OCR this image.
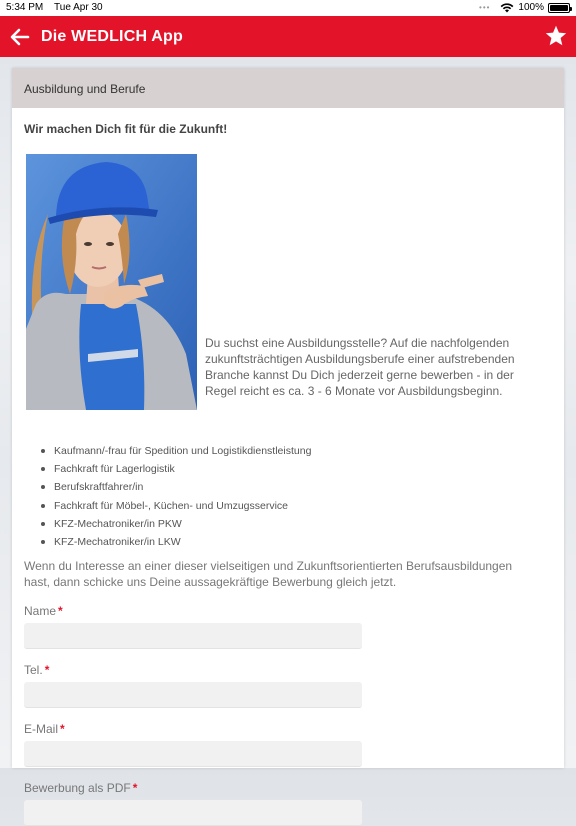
5:34 PM Tue Apr 30	•••	100%
Die WEDLICH App
Ausbildung und Berufe
Wir machen Dich fit für die Zukunft!
Du suchst eine Ausbildungsstelle? Auf die nachfolgenden zukunftsträchtigen Ausbildungsberufe einer aufstrebenden Branche kannst Du Dich jederzeit gerne bewerben - in der Regel reicht es ca. 3 - 6 Monate vor Ausbildungsbeginn.
Kaufmann/-frau für Spedition und Logistikdienstleistung
Fachkraft für Lagerlogistik
Berufskraftfahrer/in
Fachkraft für Möbel-, Küchen- und Umzugsservice
KFZ-Mechatroniker/in PKW
KFZ-Mechatroniker/in LKW
Wenn du Interesse an einer dieser vielseitigen und Zukunftsorientierten Berufsausbildungen hast, dann schicke uns Deine aussagekräftige Bewerbung gleich jetzt.
Name *
Tel. *
E-Mail *
Bewerbung als PDF *
